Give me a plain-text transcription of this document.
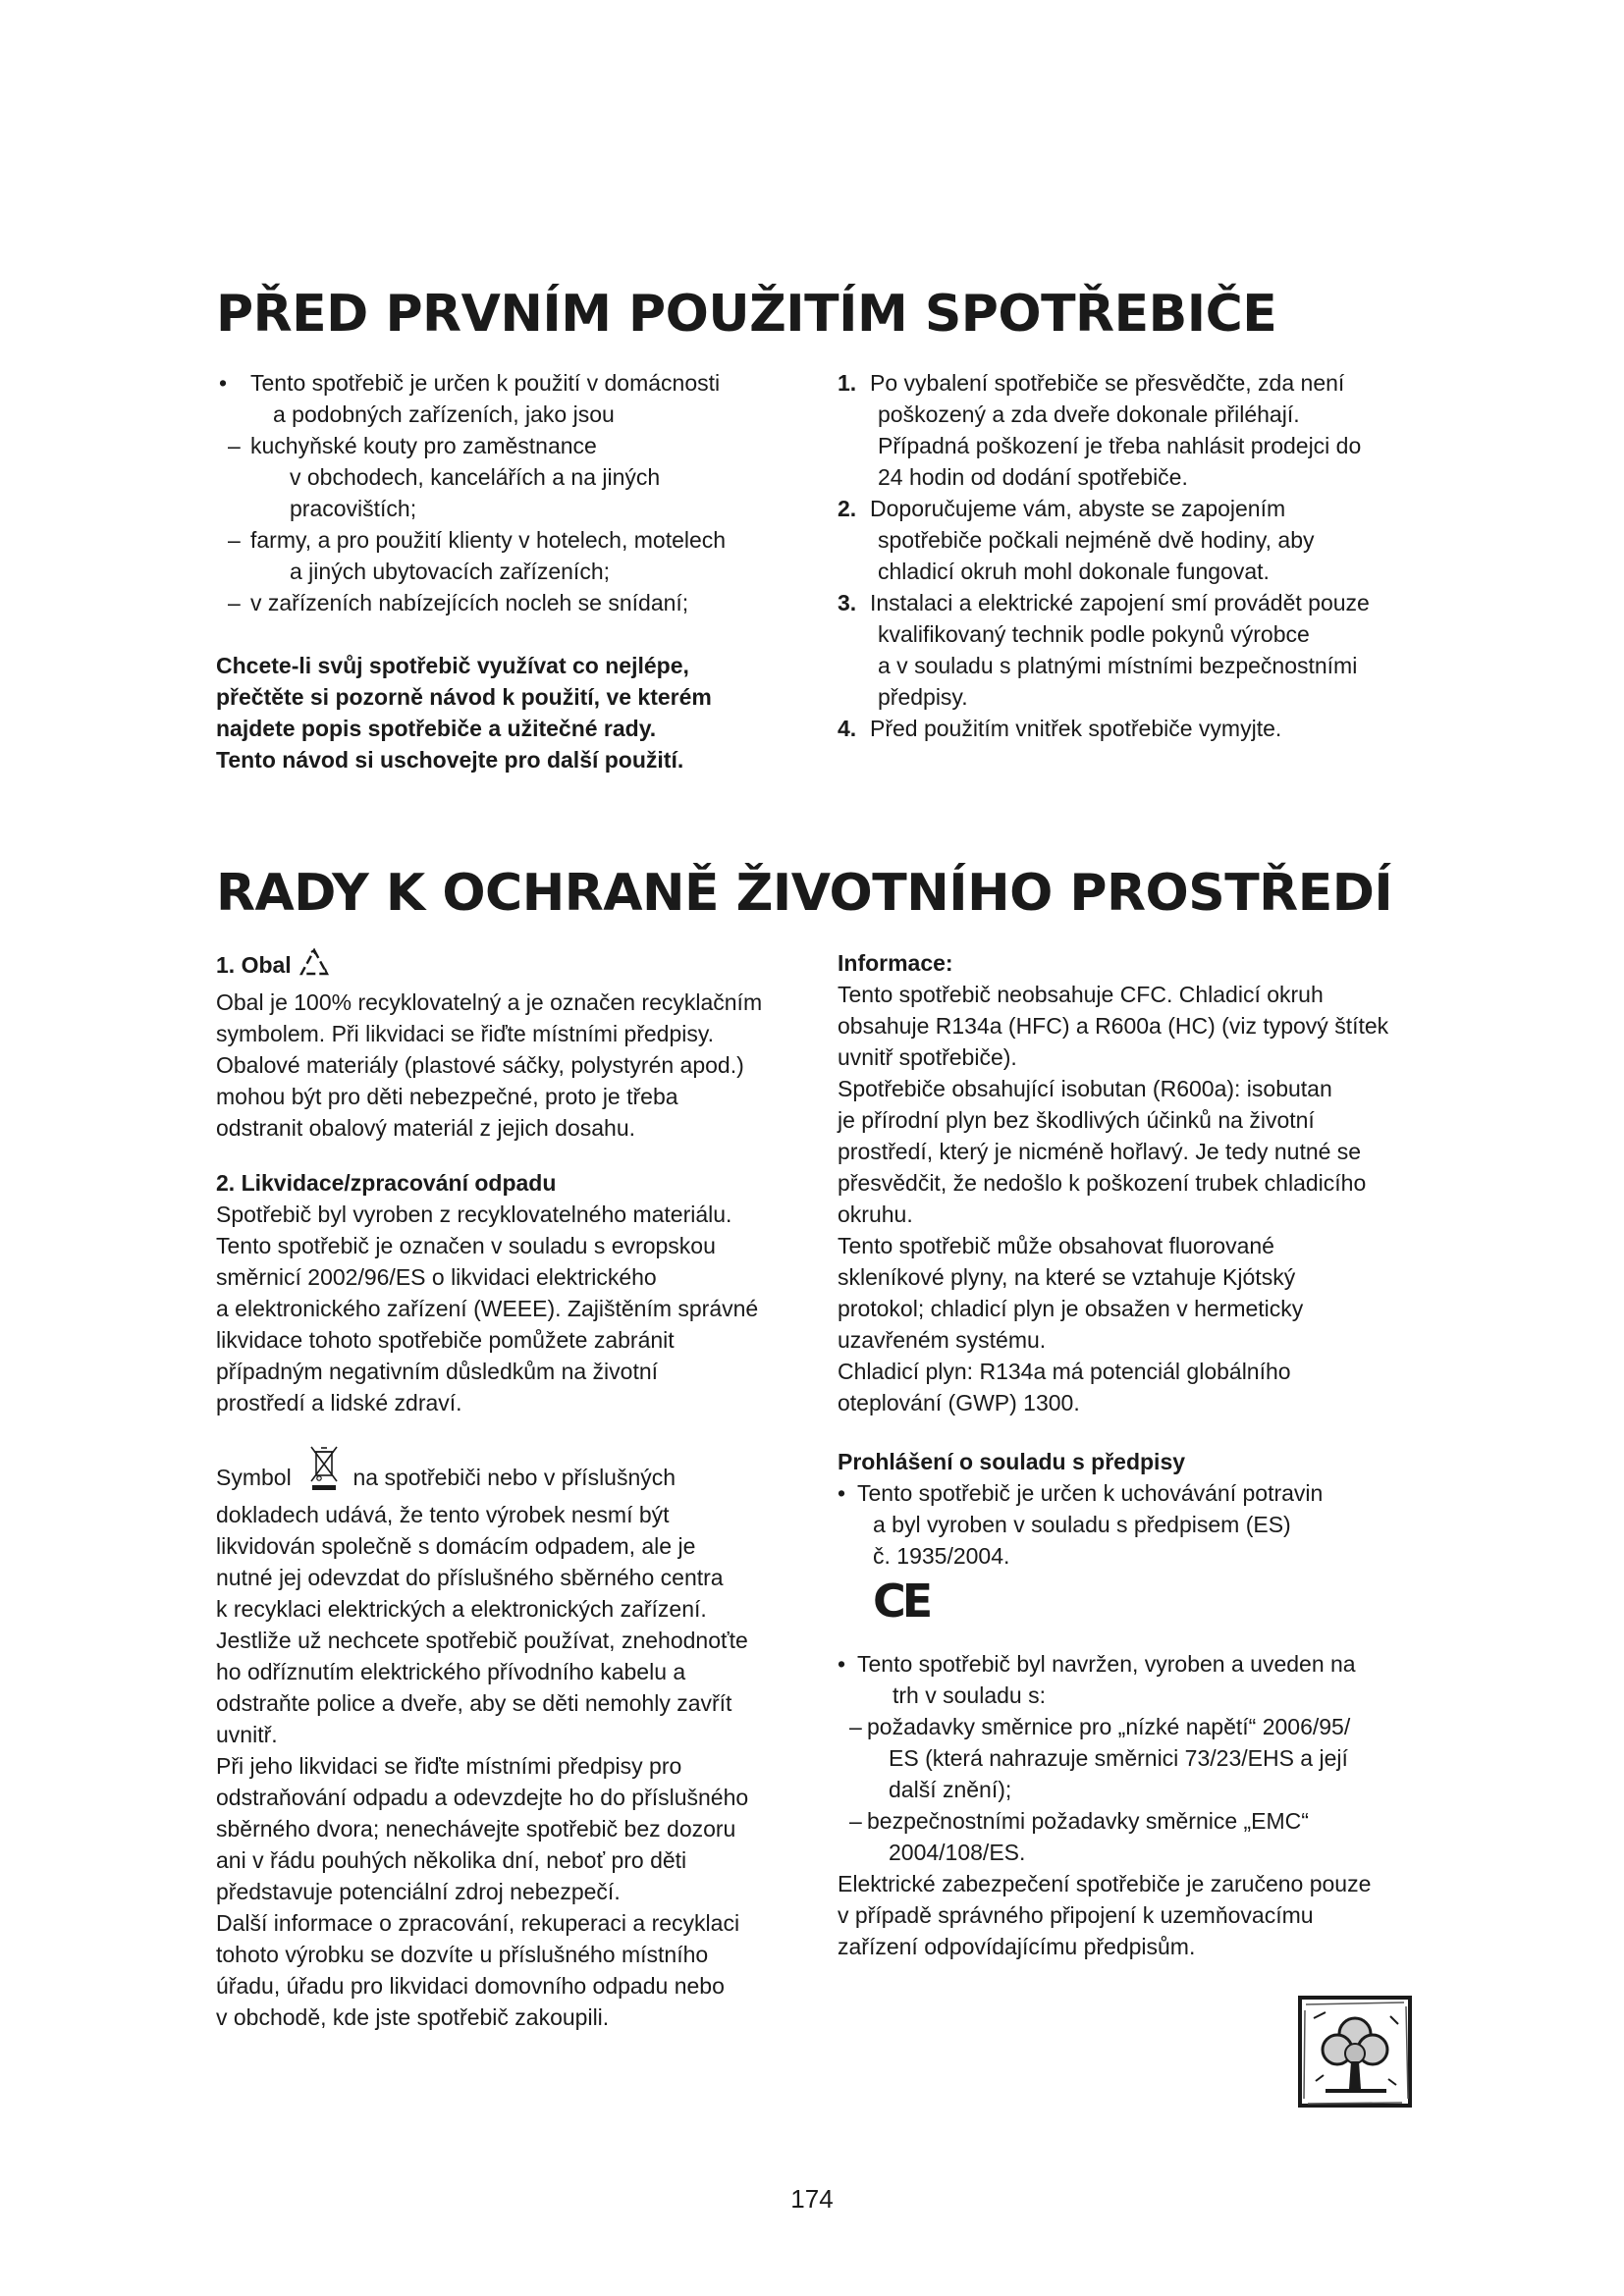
PŘED PRVNÍM POUŽITÍM SPOTŘEBIČE
• Tento spotřebič je určen k použití v domácnosti

a podobných zařízeních, jako jsou

– kuchyňské kouty pro zaměstnance

v obchodech, kancelářích a na jiných

pracovištích;

– farmy, a pro použití klienty v hotelech, motelech

a jiných ubytovacích zařízeních;

– v zařízeních nabízejících nocleh se snídaní;

Chcete-li svůj spotřebič využívat co nejlépe,

přečtěte si pozorně návod k použití, ve kterém

najdete popis spotřebiče a užitečné rady.

Tento návod si uschovejte pro další použití.

1. Po vybalení spotřebiče se přesvědčte, zda není

poškozený a zda dveře dokonale přiléhají.

Případná poškození je třeba nahlásit prodejci do

24 hodin od dodání spotřebiče.

2. Doporučujeme vám, abyste se zapojením

spotřebiče počkali nejméně dvě hodiny, aby

chladicí okruh mohl dokonale fungovat.

3. Instalaci a elektrické zapojení smí provádět pouze

kvalifikovaný technik podle pokynů výrobce

a v souladu s platnými místními bezpečnostními

předpisy.

4. Před použitím vnitřek spotřebiče vymyjte.

RADY K OCHRANĚ ŽIVOTNÍHO PROSTŘEDÍ

1. Obal

Obal je 100% recyklovatelný a je označen recyklačním

symbolem. Při likvidaci se řiďte místními předpisy.

Obalové materiály (plastové sáčky, polystyrén apod.)

mohou být pro děti nebezpečné, proto je třeba

odstranit obalový materiál z jejich dosahu.

2. Likvidace/zpracování odpadu

Spotřebič byl vyroben z recyklovatelného materiálu.

Tento spotřebič je označen v souladu s evropskou

směrnicí 2002/96/ES o likvidaci elektrického

a elektronického zařízení (WEEE). Zajištěním správné

likvidace tohoto spotřebiče pomůžete zabránit

případným negativním důsledkům na životní

prostředí a lidské zdraví.

Symbol	na spotřebiči nebo v příslušných

dokladech udává, že tento výrobek nesmí být

likvidován společně s domácím odpadem, ale je

nutné jej odevzdat do příslušného sběrného centra

k recyklaci elektrických a elektronických zařízení.

Jestliže už nechcete spotřebič používat, znehodnoťte

ho odříznutím elektrického přívodního kabelu a

odstraňte police a dveře, aby se děti nemohly zavřít

uvnitř.

Při jeho likvidaci se řiďte místními předpisy pro

odstraňování odpadu a odevzdejte ho do příslušného

sběrného dvora; nenechávejte spotřebič bez dozoru

ani v řádu pouhých několika dní, neboť pro děti

představuje potenciální zdroj nebezpečí.

Další informace o zpracování, rekuperaci a recyklaci

tohoto výrobku se dozvíte u příslušného místního

úřadu, úřadu pro likvidaci domovního odpadu nebo

v obchodě, kde jste spotřebič zakoupili.

Informace:

Tento spotřebič neobsahuje CFC. Chladicí okruh

obsahuje R134a (HFC) a R600a (HC) (viz typový štítek

uvnitř spotřebiče).

Spotřebiče obsahující isobutan (R600a): isobutan

je přírodní plyn bez škodlivých účinků na životní

prostředí, který je nicméně hořlavý. Je tedy nutné se

přesvědčit, že nedošlo k poškození trubek chladicího

okruhu.

Tento spotřebič může obsahovat fluorované

skleníkové plyny, na které se vztahuje Kjótský

protokol; chladicí plyn je obsažen v hermeticky

uzavřeném systému.

Chladicí plyn: R134a má potenciál globálního

oteplování (GWP) 1300.

Prohlášení o souladu s předpisy

• Tento spotřebič je určen k uchovávání potravin

a byl vyroben v souladu s předpisem (ES)

č. 1935/2004.

CE
• Tento spotřebič byl navržen, vyroben a uveden na

trh v souladu s:

– požadavky směrnice pro „nízké napětí“ 2006/95/

ES (která nahrazuje směrnici 73/23/EHS a její

další znění);

– bezpečnostními požadavky směrnice „EMC“

2004/108/ES.

Elektrické zabezpečení spotřebiče je zaručeno pouze

v případě správného připojení k uzemňovacímu

zařízení odpovídajícímu předpisům.

174
